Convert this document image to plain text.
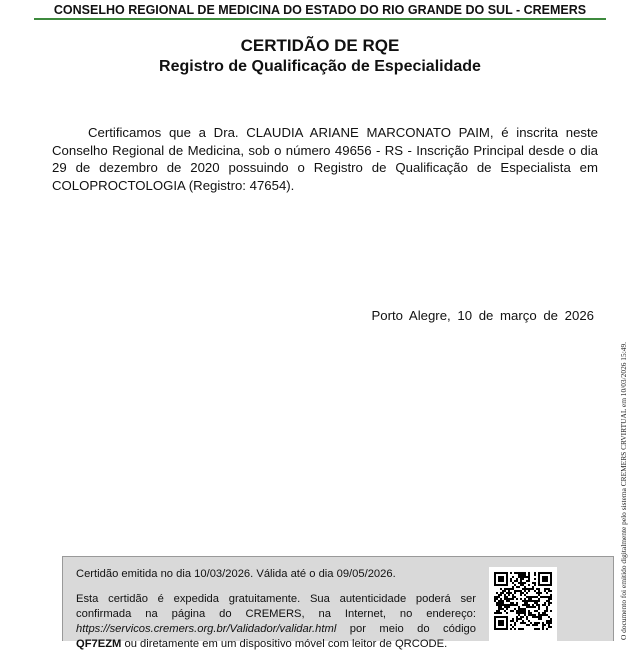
CONSELHO REGIONAL DE MEDICINA DO ESTADO DO RIO GRANDE DO SUL - CREMERS
CERTIDÃO DE RQE
Registro de Qualificação de Especialidade
Certificamos que a Dra. CLAUDIA ARIANE MARCONATO PAIM, é inscrita neste Conselho Regional de Medicina, sob o número 49656 - RS - Inscrição Principal desde o dia 29 de dezembro de 2020 possuindo o Registro de Qualificação de Especialista em COLOPROCTOLOGIA (Registro: 47654).
Porto Alegre, 10 de março de 2026
O documento foi emitido digitalmente pelo sistema CREMERS CRVIRTUAL em 10/03/2026 15:49.
Certidão emitida no dia 10/03/2026. Válida até o dia 09/05/2026.
Esta certidão é expedida gratuitamente. Sua autenticidade poderá ser confirmada na página do CREMERS, na Internet, no endereço: https://servicos.cremers.org.br/Validador/validar.html por meio do código QF7EZM ou diretamente em um dispositivo móvel com leitor de QRCODE.
